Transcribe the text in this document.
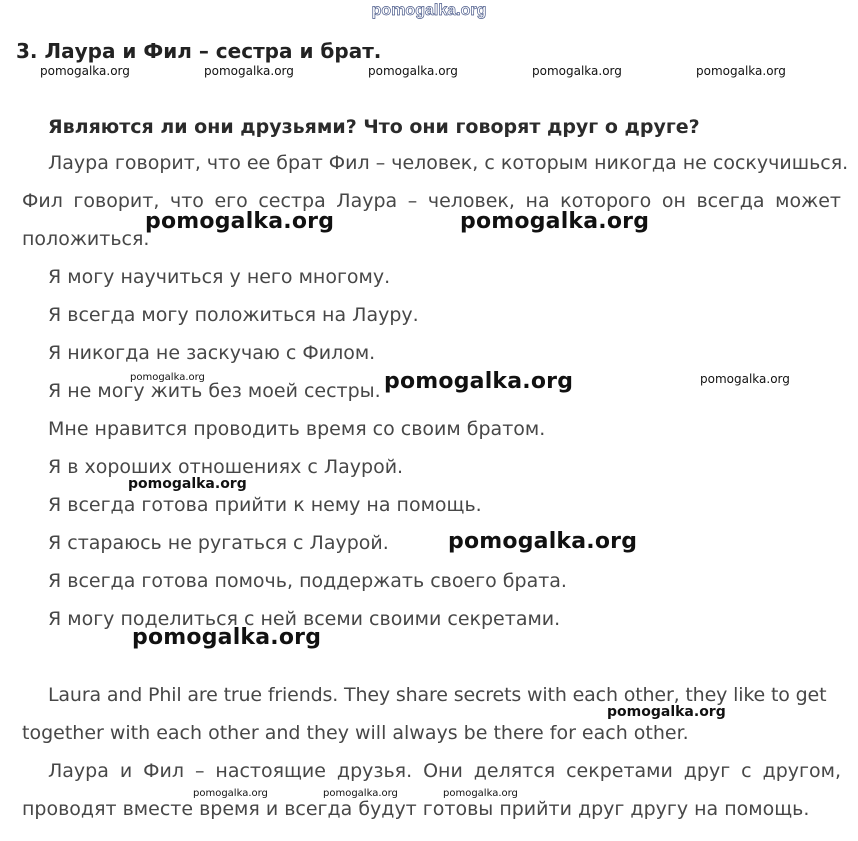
pomogalka.org
3. Лаура и Фил – сестра и брат.
pomogalka.org	pomogalka.org	pomogalka.org	pomogalka.org	pomogalka.org
Являются ли они друзьями? Что они говорят друг о друге?
Лаура говорит, что ее брат Фил – человек, с которым никогда не соскучишься.
Фил говорит, что его сестра Лаура – человек, на которого он всегда может
положиться.
pomogalka.org	pomogalka.org
Я могу научиться у него многому.
Я всегда могу положиться на Лауру.
Я никогда не заскучаю с Филом.
Я не могу жить без моей сестры.
Мне нравится проводить время со своим братом.
Я в хороших отношениях с Лаурой.
Я всегда готова прийти к нему на помощь.
Я стараюсь не ругаться с Лаурой.
Я всегда готова помочь, поддержать своего брата.
Я могу поделиться с ней всеми своими секретами.
pomogalka.org	pomogalka.org	pomogalka.org
pomogalka.org
pomogalka.org
pomogalka.org
Laura and Phil are true friends. They share secrets with each other, they like to get
together with each other and they will always be there for each other.
pomogalka.org
Лаура и Фил – настоящие друзья. Они делятся секретами друг с другом,
проводят вместе время и всегда будут готовы прийти друг другу на помощь.
pomogalka.org	pomogalka.org	pomogalka.org
